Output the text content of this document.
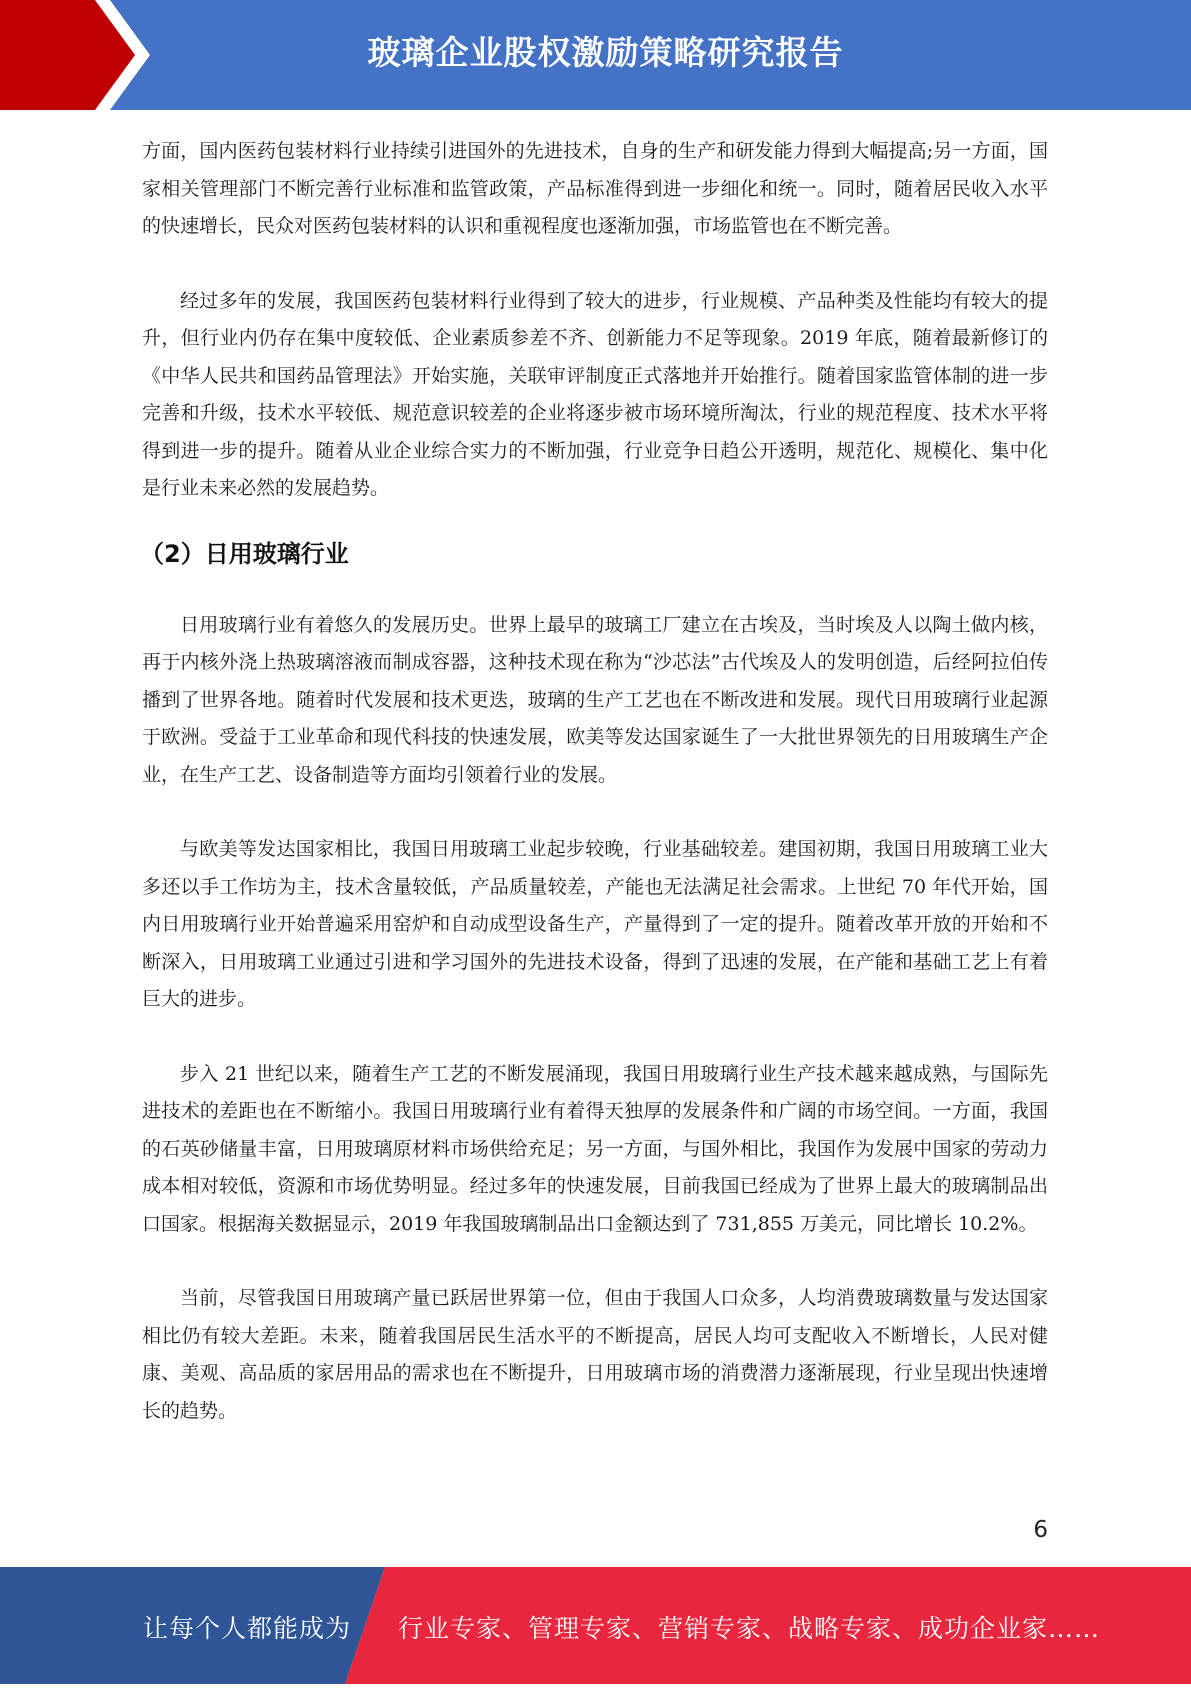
玻璃企业股权激励策略研究报告

方面，国内医药包装材料行业持续引进国外的先进技术，自身的生产和研发能力得到大幅提高;另一方面，国家相关管理部门不断完善行业标准和监管政策，产品标准得到进一步细化和统一。同时，随着居民收入水平的快速增长，民众对医药包装材料的认识和重视程度也逐渐加强，市场监管也在不断完善。

经过多年的发展，我国医药包装材料行业得到了较大的进步，行业规模、产品种类及性能均有较大的提升，但行业内仍存在集中度较低、企业素质参差不齐、创新能力不足等现象。2019 年底，随着最新修订的《中华人民共和国药品管理法》开始实施，关联审评制度正式落地并开始推行。随着国家监管体制的进一步完善和升级，技术水平较低、规范意识较差的企业将逐步被市场环境所淘汰，行业的规范程度、技术水平将得到进一步的提升。随着从业企业综合实力的不断加强，行业竞争日趋公开透明，规范化、规模化、集中化是行业未来必然的发展趋势。

（2）日用玻璃行业

日用玻璃行业有着悠久的发展历史。世界上最早的玻璃工厂建立在古埃及，当时埃及人以陶土做内核，再于内核外浇上热玻璃溶液而制成容器，这种技术现在称为“沙芯法”古代埃及人的发明创造，后经阿拉伯传播到了世界各地。随着时代发展和技术更迭，玻璃的生产工艺也在不断改进和发展。现代日用玻璃行业起源于欧洲。受益于工业革命和现代科技的快速发展，欧美等发达国家诞生了一大批世界领先的日用玻璃生产企业，在生产工艺、设备制造等方面均引领着行业的发展。

与欧美等发达国家相比，我国日用玻璃工业起步较晚，行业基础较差。建国初期，我国日用玻璃工业大多还以手工作坊为主，技术含量较低，产品质量较差，产能也无法满足社会需求。上世纪 70 年代开始，国内日用玻璃行业开始普遍采用窑炉和自动成型设备生产，产量得到了一定的提升。随着改革开放的开始和不断深入，日用玻璃工业通过引进和学习国外的先进技术设备，得到了迅速的发展，在产能和基础工艺上有着巨大的进步。

步入 21 世纪以来，随着生产工艺的不断发展涌现，我国日用玻璃行业生产技术越来越成熟，与国际先进技术的差距也在不断缩小。我国日用玻璃行业有着得天独厚的发展条件和广阔的市场空间。一方面，我国的石英砂储量丰富，日用玻璃原材料市场供给充足；另一方面，与国外相比，我国作为发展中国家的劳动力成本相对较低，资源和市场优势明显。经过多年的快速发展，目前我国已经成为了世界上最大的玻璃制品出口国家。根据海关数据显示，2019 年我国玻璃制品出口金额达到了 731,855 万美元，同比增长 10.2%。

当前，尽管我国日用玻璃产量已跃居世界第一位，但由于我国人口众多，人均消费玻璃数量与发达国家相比仍有较大差距。未来，随着我国居民生活水平的不断提高，居民人均可支配收入不断增长，人民对健康、美观、高品质的家居用品的需求也在不断提升，日用玻璃市场的消费潜力逐渐展现，行业呈现出快速增长的趋势。

6
让每个人都能成为 行业专家、管理专家、营销专家、战略专家、成功企业家……
